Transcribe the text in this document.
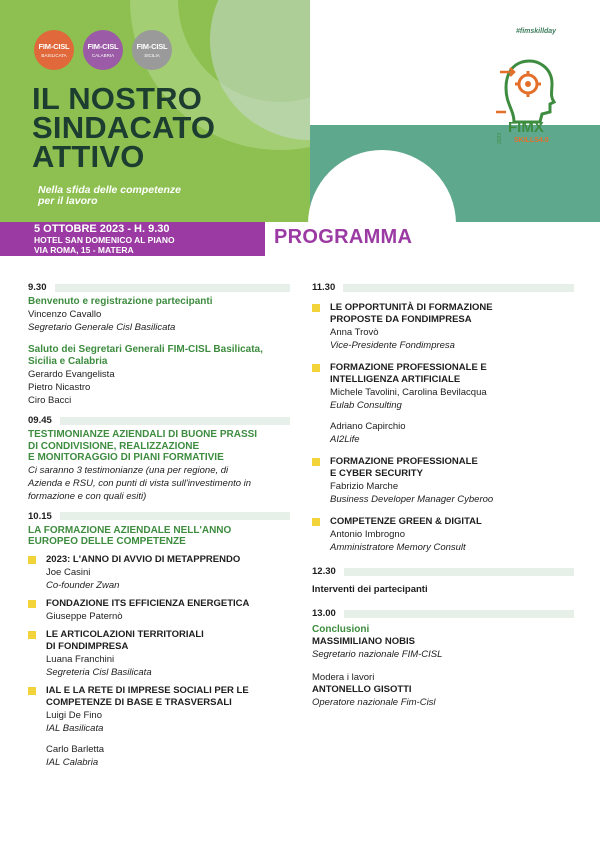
FIM-CISL
BASILICATA
FIM-CISL
CALABRIA
FIM-CISL
SICILIA
IL NOSTRO
SINDACATO
ATTIVO
Nella sfida delle competenze
per il lavoro
5 OTTOBRE 2023 - H. 9.30
HOTEL SAN DOMENICO AL PIANO
VIA ROMA, 15 - MATERA
PROGRAMMA
#fimskillday
FIMX
SKILLS4.0
2023
9.30
Benvenuto e registrazione partecipanti
Vincenzo Cavallo
Segretario Generale Cisl Basilicata
Saluto dei Segretari Generali FIM-CISL Basilicata,
Sicilia e Calabria
Gerardo Evangelista
Pietro Nicastro
Ciro Bacci
09.45
TESTIMONIANZE AZIENDALI DI BUONE PRASSI
DI CONDIVISIONE, REALIZZAZIONE
E MONITORAGGIO DI PIANI FORMATIVIE
Ci saranno 3 testimonianze (una per regione, di
Azienda e RSU, con punti di vista sull'investimento in
formazione e con quali esiti)
10.15
LA FORMAZIONE AZIENDALE NELL'ANNO
EUROPEO DELLE COMPETENZE
2023: L'ANNO DI AVVIO DI METAPPRENDO
Joe Casini
Co-founder Zwan
FONDAZIONE ITS EFFICIENZA ENERGETICA
Giuseppe Paternò
LE ARTICOLAZIONI TERRITORIALI
DI FONDIMPRESA
Luana Franchini
Segreteria Cisl Basilicata
IAL E LA RETE DI IMPRESE SOCIALI PER LE
COMPETENZE DI BASE E TRASVERSALI
Luigi De Fino
IAL Basilicata
Carlo Barletta
IAL Calabria
11.30
LE OPPORTUNITÀ DI FORMAZIONE
PROPOSTE DA FONDIMPRESA
Anna Trovò
Vice-Presidente Fondimpresa
FORMAZIONE PROFESSIONALE E
INTELLIGENZA ARTIFICIALE
Michele Tavolini, Carolina Bevilacqua
Eulab Consulting
Adriano Capirchio
AI2Life
FORMAZIONE PROFESSIONALE
E CYBER SECURITY
Fabrizio Marche
Business Developer Manager Cyberoo
COMPETENZE GREEN & DIGITAL
Antonio Imbrogno
Amministratore Memory Consult
12.30
Interventi dei partecipanti
13.00
Conclusioni
MASSIMILIANO NOBIS
Segretario nazionale FIM-CISL
Modera i lavori
ANTONELLO GISOTTI
Operatore nazionale Fim-Cisl
